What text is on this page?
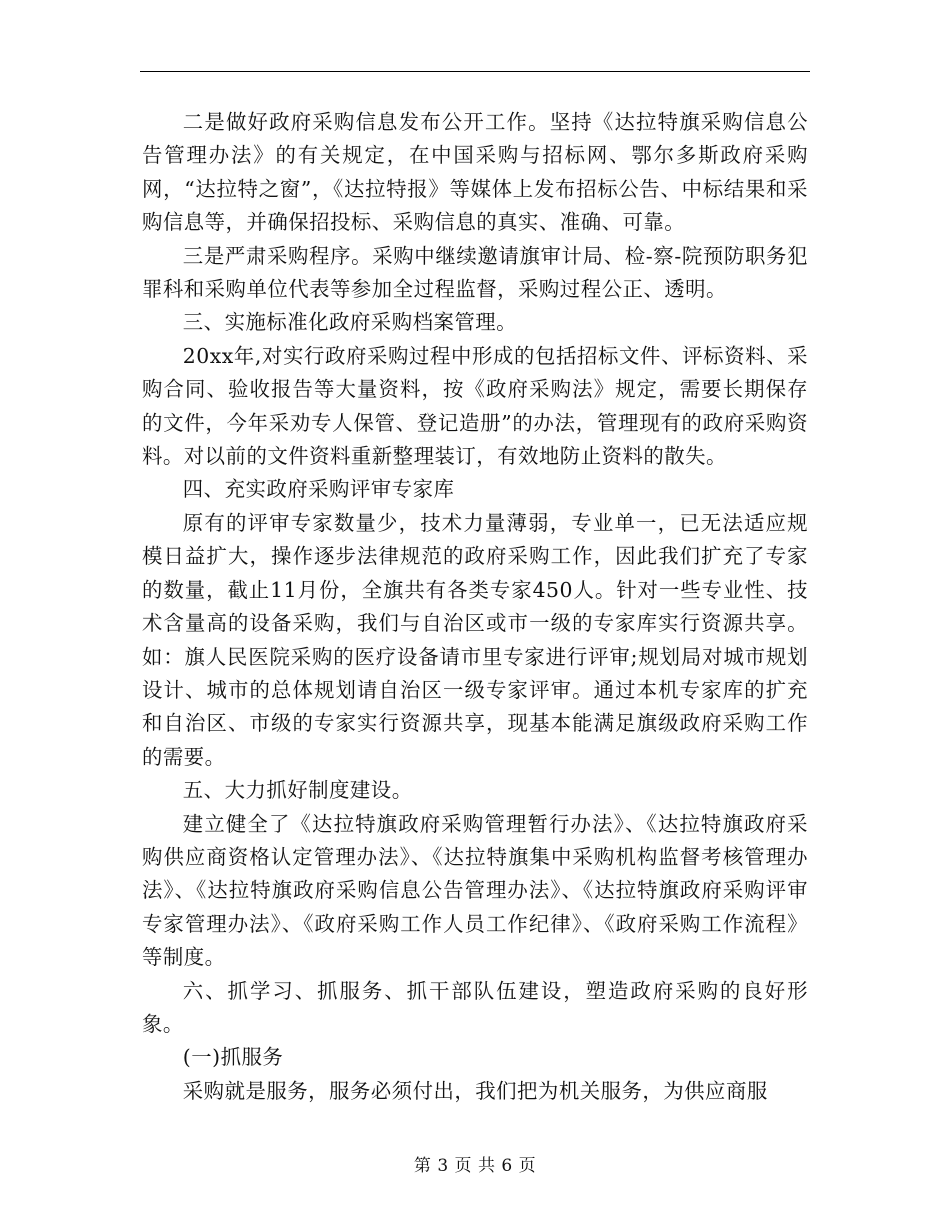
二是做好政府采购信息发布公开工作。坚持《达拉特旗采购信息公告管理办法》的有关规定，在中国采购与招标网、鄂尔多斯政府采购网，“达拉特之窗”，《达拉特报》等媒体上发布招标公告、中标结果和采购信息等，并确保招投标、采购信息的真实、准确、可靠。

三是严肃采购程序。采购中继续邀请旗审计局、检-察-院预防职务犯罪科和采购单位代表等参加全过程监督，采购过程公正、透明。

三、实施标准化政府采购档案管理。

20xx年,对实行政府采购过程中形成的包括招标文件、评标资料、采购合同、验收报告等大量资料，按《政府采购法》规定，需要长期保存的文件，今年采劝专人保管、登记造册”的办法，管理现有的政府采购资料。对以前的文件资料重新整理装订，有效地防止资料的散失。

四、充实政府采购评审专家库

原有的评审专家数量少，技术力量薄弱，专业单一，已无法适应规模日益扩大，操作逐步法律规范的政府采购工作，因此我们扩充了专家的数量，截止11月份，全旗共有各类专家450人。针对一些专业性、技术含量高的设备采购，我们与自治区或市一级的专家库实行资源共享。如：旗人民医院采购的医疗设备请市里专家进行评审;规划局对城市规划设计、城市的总体规划请自治区一级专家评审。通过本机专家库的扩充和自治区、市级的专家实行资源共享，现基本能满足旗级政府采购工作的需要。

五、大力抓好制度建设。

建立健全了《达拉特旗政府采购管理暂行办法》、《达拉特旗政府采购供应商资格认定管理办法》、《达拉特旗集中采购机构监督考核管理办法》、《达拉特旗政府采购信息公告管理办法》、《达拉特旗政府采购评审专家管理办法》、《政府采购工作人员工作纪律》、《政府采购工作流程》等制度。

六、抓学习、抓服务、抓干部队伍建设，塑造政府采购的良好形象。

(一)抓服务

采购就是服务，服务必须付出，我们把为机关服务，为供应商服

第 3 页 共 6 页
